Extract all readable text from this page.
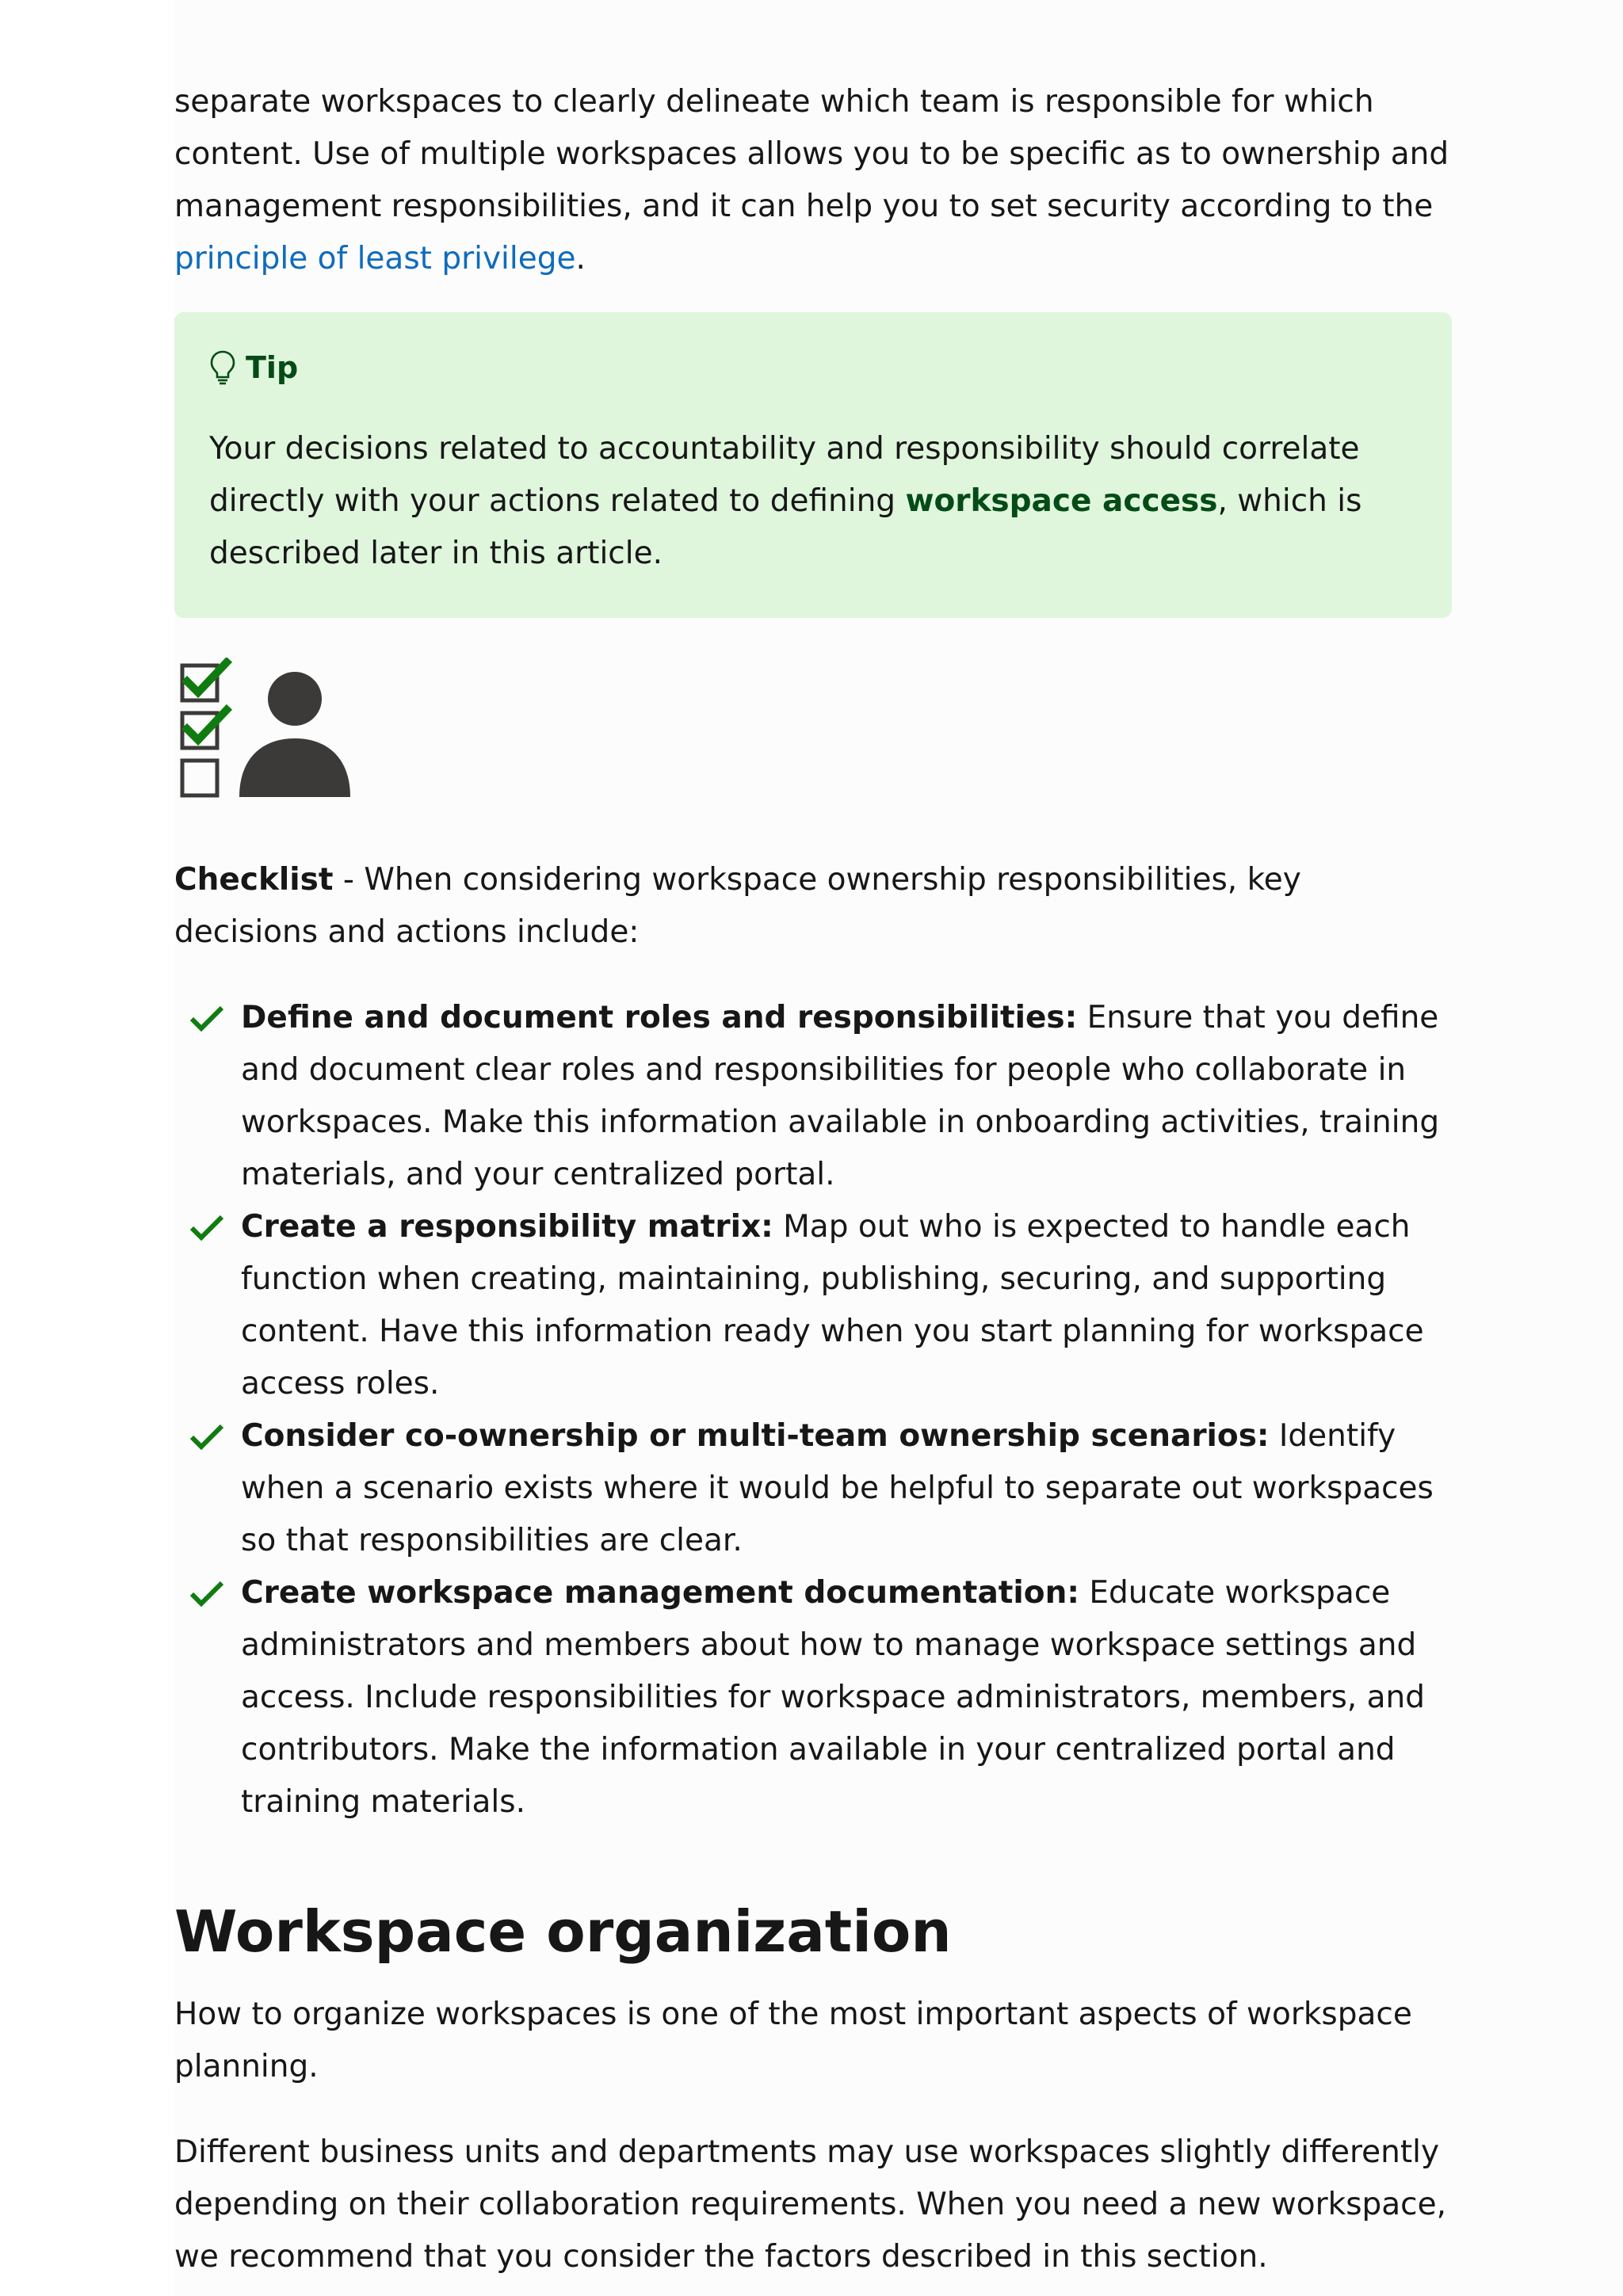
separate workspaces to clearly delineate which team is responsible for which content. Use of multiple workspaces allows you to be specific as to ownership and management responsibilities, and it can help you to set security according to the principle of least privilege.

Tip

Your decisions related to accountability and responsibility should correlate directly with your actions related to defining workspace access, which is described later in this article.

Checklist - When considering workspace ownership responsibilities, key decisions and actions include:

Define and document roles and responsibilities: Ensure that you define and document clear roles and responsibilities for people who collaborate in workspaces. Make this information available in onboarding activities, training materials, and your centralized portal.
Create a responsibility matrix: Map out who is expected to handle each function when creating, maintaining, publishing, securing, and supporting content. Have this information ready when you start planning for workspace access roles.
Consider co-ownership or multi-team ownership scenarios: Identify when a scenario exists where it would be helpful to separate out workspaces so that responsibilities are clear.
Create workspace management documentation: Educate workspace administrators and members about how to manage workspace settings and access. Include responsibilities for workspace administrators, members, and contributors. Make the information available in your centralized portal and training materials.
Workspace organization

How to organize workspaces is one of the most important aspects of workspace planning.

Different business units and departments may use workspaces slightly differently depending on their collaboration requirements. When you need a new workspace, we recommend that you consider the factors described in this section.
